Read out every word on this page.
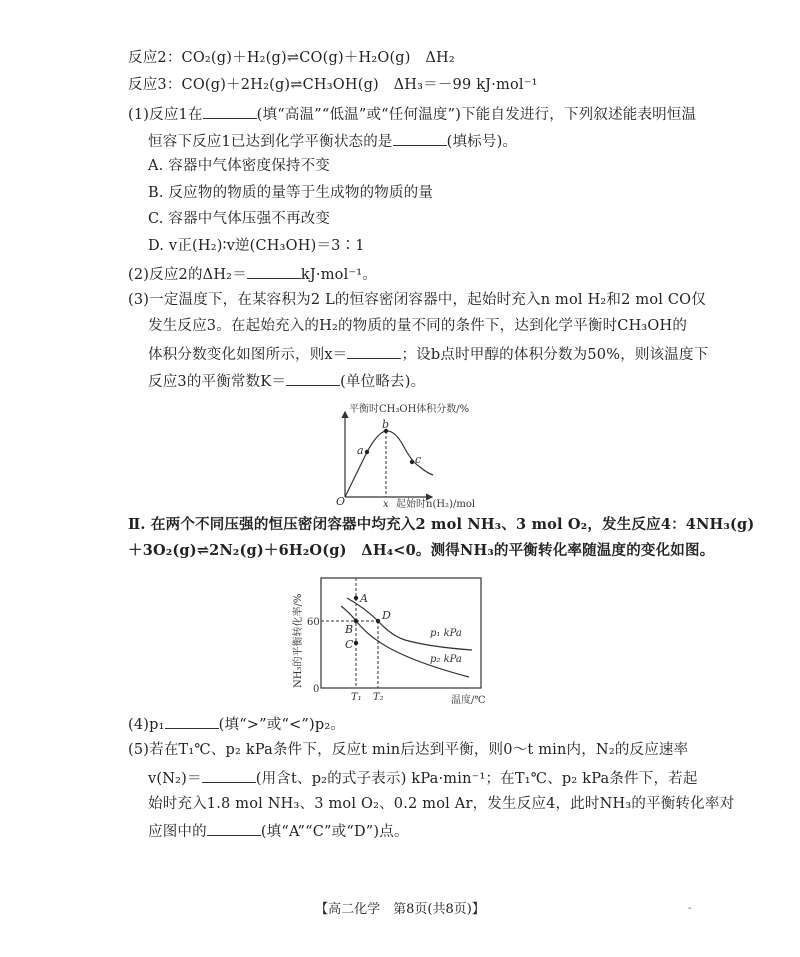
反应2：CO₂(g)＋H₂(g)⇌CO(g)＋H₂O(g)　ΔH₂
反应3：CO(g)＋2H₂(g)⇌CH₃OH(g)　ΔH₃＝－99 kJ·mol⁻¹
(1)反应1在	(填“高温”“低温”或“任何温度”)下能自发进行，下列叙述能表明恒温
恒容下反应1已达到化学平衡状态的是	(填标号)。
A. 容器中气体密度保持不变
B. 反应物的物质的量等于生成物的物质的量
C. 容器中气体压强不再改变
D. v正(H₂)∶v逆(CH₃OH)＝3∶1
(2)反应2的ΔH₂＝	kJ·mol⁻¹。
(3)一定温度下，在某容积为2 L的恒容密闭容器中，起始时充入n mol H₂和2 mol CO仅
发生反应3。在起始充入的H₂的物质的量不同的条件下，达到化学平衡时CH₃OH的
体积分数变化如图所示，则x＝	；设b点时甲醇的体积分数为50%，则该温度下
反应3的平衡常数K＝	(单位略去)。
Ⅱ. 在两个不同压强的恒压密闭容器中均充入2 mol NH₃、3 mol O₂，发生反应4：4NH₃(g)
＋3O₂(g)⇌2N₂(g)＋6H₂O(g)　ΔH₄<0。测得NH₃的平衡转化率随温度的变化如图。
(4)p₁	(填“>”或“<”)p₂。
(5)若在T₁℃、p₂ kPa条件下，反应t min后达到平衡，则0～t min内，N₂的反应速率
v(N₂)＝	(用含t、p₂的式子表示) kPa·min⁻¹；在T₁℃、p₂ kPa条件下，若起
始时充入1.8 mol NH₃、3 mol O₂、0.2 mol Ar，发生反应4，此时NH₃的平衡转化率对
应图中的	(填“A”“C”或“D”)点。
a
b
c
平衡时CH₃OH体积分数/%
起始时n(H₂)/mol
O	x
A
B
C
D
p₁ kPa
p₂ kPa
0
60
T₁ T₂	温度/℃
NH₃的平衡转化率/%
【高二化学　第8页(共8页)】	-
